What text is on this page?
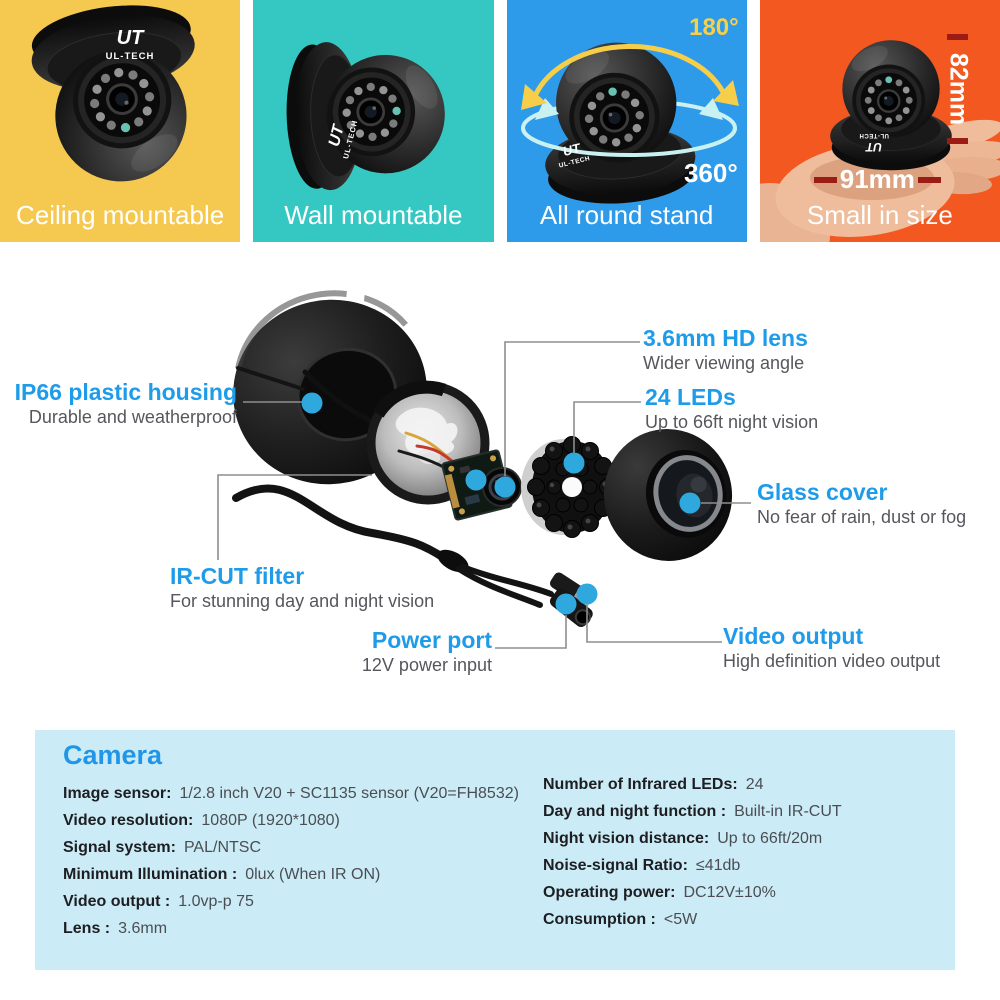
UT
UL-TECH
Ceiling mountable
UT
UL-TECH
Wall mountable
UT
UL-TECH
180°
360°
All round stand
UT
UL-TECH
82mm
91mm
Small in size
IP66 plastic housing
Durable and weatherproof
3.6mm HD lens
Wider viewing angle
24 LEDs
Up to 66ft night vision
Glass cover
No fear of rain, dust or fog
IR-CUT filter
For stunning day and night vision
Power port
12V power input
Video output
High definition video output
Camera
Image sensor: 1/2.8 inch V20 + SC1135 sensor (V20=FH8532)
Video resolution: 1080P (1920*1080)
Signal system: PAL/NTSC
Minimum Illumination : 0lux (When IR ON)
Video output : 1.0vp-p 75
Lens : 3.6mm
Number of Infrared LEDs: 24
Day and night function : Built-in IR-CUT
Night vision distance: Up to 66ft/20m
Noise-signal Ratio: ≤41db
Operating power: DC12V±10%
Consumption : <5W
